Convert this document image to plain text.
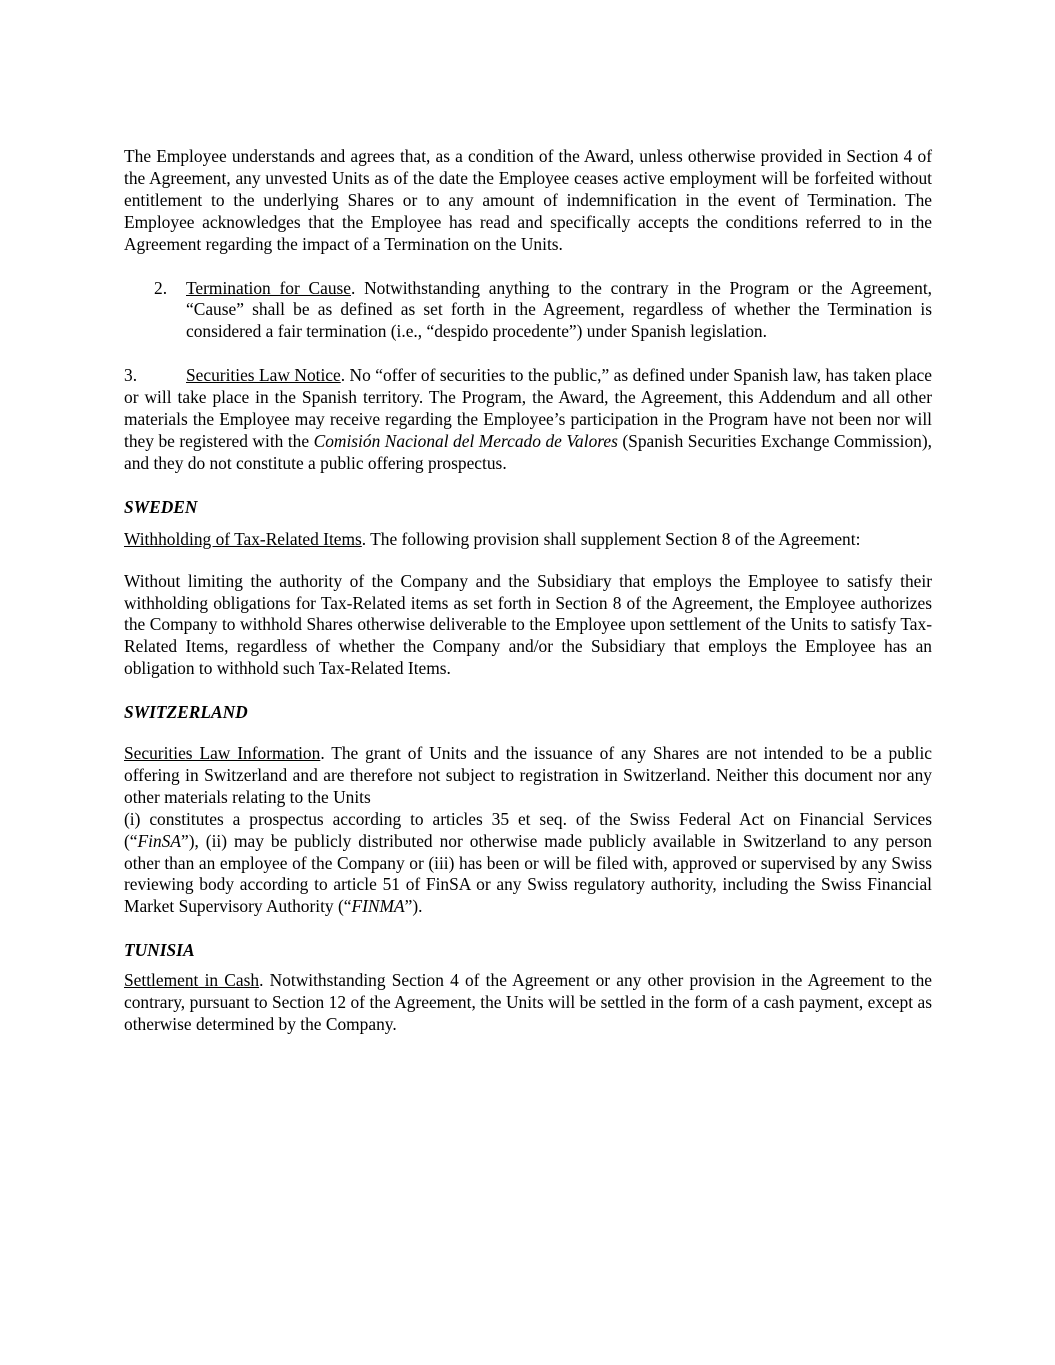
The Employee understands and agrees that, as a condition of the Award, unless otherwise provided in Section 4 of the Agreement, any unvested Units as of the date the Employee ceases active employment will be forfeited without entitlement to the underlying Shares or to any amount of indemnification in the event of Termination. The Employee acknowledges that the Employee has read and specifically accepts the conditions referred to in the Agreement regarding the impact of a Termination on the Units.

2. Termination for Cause. Notwithstanding anything to the contrary in the Program or the Agreement, “Cause” shall be as defined as set forth in the Agreement, regardless of whether the Termination is considered a fair termination (i.e., “despido procedente”) under Spanish legislation.

3.	Securities Law Notice. No “offer of securities to the public,” as defined under Spanish law, has taken place or will take place in the Spanish territory. The Program, the Award, the Agreement, this Addendum and all other materials the Employee may receive regarding the Employee’s participation in the Program have not been nor will they be registered with the Comisión Nacional del Mercado de Valores (Spanish Securities Exchange Commission), and they do not constitute a public offering prospectus.

SWEDEN

Withholding of Tax-Related Items. The following provision shall supplement Section 8 of the Agreement:

Without limiting the authority of the Company and the Subsidiary that employs the Employee to satisfy their withholding obligations for Tax-Related items as set forth in Section 8 of the Agreement, the Employee authorizes the Company to withhold Shares otherwise deliverable to the Employee upon settlement of the Units to satisfy Tax-Related Items, regardless of whether the Company and/or the Subsidiary that employs the Employee has an obligation to withhold such Tax-Related Items.

SWITZERLAND

Securities Law Information. The grant of Units and the issuance of any Shares are not intended to be a public offering in Switzerland and are therefore not subject to registration in Switzerland. Neither this document nor any other materials relating to the Units
(i) constitutes a prospectus according to articles 35 et seq. of the Swiss Federal Act on Financial Services (“FinSA”), (ii) may be publicly distributed nor otherwise made publicly available in Switzerland to any person other than an employee of the Company or (iii) has been or will be filed with, approved or supervised by any Swiss reviewing body according to article 51 of FinSA or any Swiss regulatory authority, including the Swiss Financial Market Supervisory Authority (“FINMA”).

TUNISIA

Settlement in Cash. Notwithstanding Section 4 of the Agreement or any other provision in the Agreement to the contrary, pursuant to Section 12 of the Agreement, the Units will be settled in the form of a cash payment, except as otherwise determined by the Company.
